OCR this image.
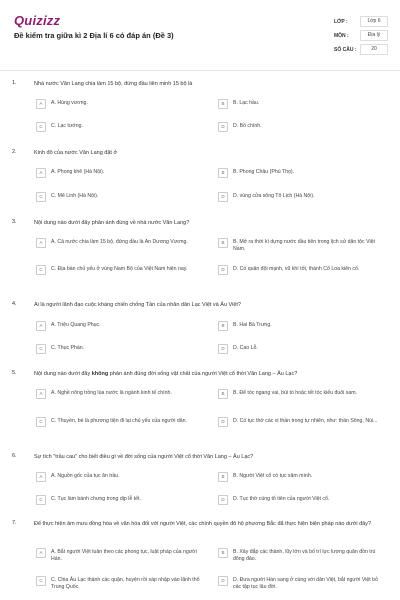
Quizizz
Đề kiểm tra giữa kì 2 Địa lí 6 có đáp án (Đề 3)
LỚP :	Lớp 6
MÔN :	Địa lý
SỐ CÂU :	20
1.	Nhà nước Văn Lang chia làm 15 bộ, đứng đầu liên minh 15 bộ là
A	A. Hùng vương.	B	B. Lạc hầu.
C	C. Lạc tướng.	D	D. Bồ chính.
2.	Kinh đô của nước Văn Lang đặt ở
A	A. Phong khê (Hà Nội).	B	B. Phong Châu (Phú Thọ).
C	C. Mê Linh (Hà Nội).	D	D. vùng cửa sông Tô Lịch (Hà Nội).
3.	Nội dung nào dưới đây phản ánh đúng về nhà nước Văn Lang?
A	A. Cả nước chia làm 15 bộ, đứng đầu là An Dương Vương.	B	B. Mở ra thời kì dựng nước đầu tiên trong lịch sử dân tộc Việt Nam.
C	C. Địa bàn chủ yếu ở vùng Nam Bộ của Việt Nam hiện nay.	D	D. Có quân đội mạnh, vũ khí tốt, thành Cổ Loa kiên cố.
4.	Ai là người lãnh đạo cuộc kháng chiến chống Tần của nhân dân Lạc Việt và Âu Việt?
A	A. Triệu Quang Phục.	B	B. Hai Bà Trưng.
C	C. Thục Phán.	D	D. Cao Lỗ.
5.	Nội dung nào dưới đây không phản ánh đúng đời sống vật chất của người Việt cổ thời Văn Lang – Âu Lạc?
A	A. Nghề nông trồng lúa nước là ngành kinh tế chính.	B	B. Để tóc ngang vai, búi tó hoặc tết tóc kiểu đuôi sam.
C	C. Thuyền, bè là phương tiện đi lại chủ yếu của người dân.	D	D. Có tục thờ các vị thần trong tự nhiên, như: thần Sông, Núi...
6.	Sự tích "trầu cau" cho biết điều gì về đời sống của người Việt cổ thời Văn Lang – Âu Lạc?
A	A. Nguồn gốc của tục ăn trầu.	B	B. Người Việt cổ có tục xăm mình.
C	C. Tục làm bánh chưng trong dịp lễ tết.	D	D. Tục thờ cúng tổ tiên của người Việt cổ.
7.	Để thực hiện âm mưu đồng hóa về văn hóa đối với người Việt, các chính quyền đô hộ phương Bắc đã thực hiện biện pháp nào dưới đây?
A	A. Bắt người Việt tuân theo các phong tục, luật pháp của người Hán.
B	B. Xây đắp các thành, lũy lớn và bố trí lực lượng quân đồn trú đông đảo.
C	C. Chia Âu Lạc thành các quận, huyện rồi sáp nhập vào lãnh thổ Trung Quốc.
D	D. Đưa người Hán sang ở cùng với dân Việt, bắt người Việt bỏ các tập tục lâu đời.
